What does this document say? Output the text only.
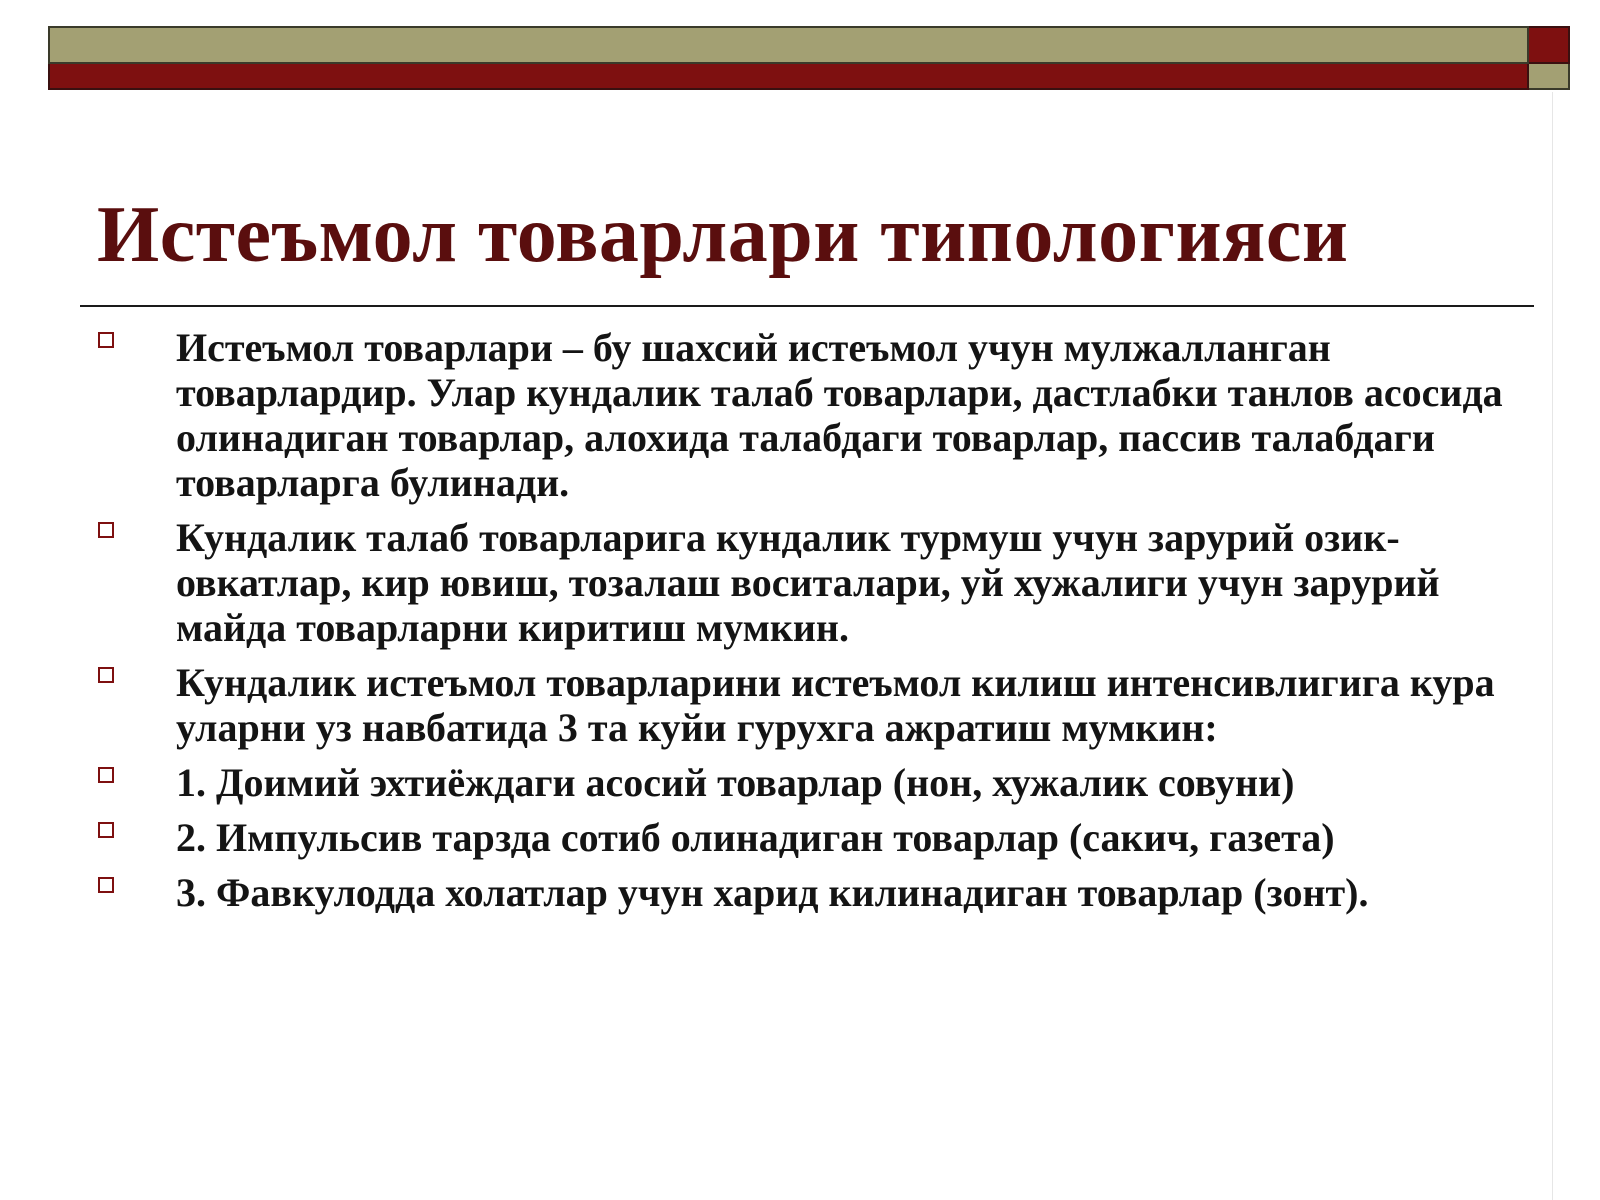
Истеъмол товарлари типологияси
Истеъмол товарлари – бу шахсий истеъмол учун мулжалланган товарлардир. Улар кундалик талаб товарлари, дастлабки танлов асосида олинадиган товарлар, алохида талабдаги товарлар, пассив талабдаги товарларга булинади.
Кундалик талаб товарларига кундалик турмуш учун зарурий озик-овкатлар, кир ювиш, тозалаш воситалари, уй хужалиги учун зарурий майда товарларни киритиш мумкин.
Кундалик истеъмол товарларини истеъмол килиш интенсивлигига кура уларни уз навбатида 3 та куйи гурухга ажратиш мумкин:
1. Доимий эхтиёждаги асосий товарлар (нон, хужалик совуни)
2. Импульсив тарзда сотиб олинадиган товарлар (сакич, газета)
3. Фавкулодда холатлар учун харид килинадиган товарлар (зонт).
